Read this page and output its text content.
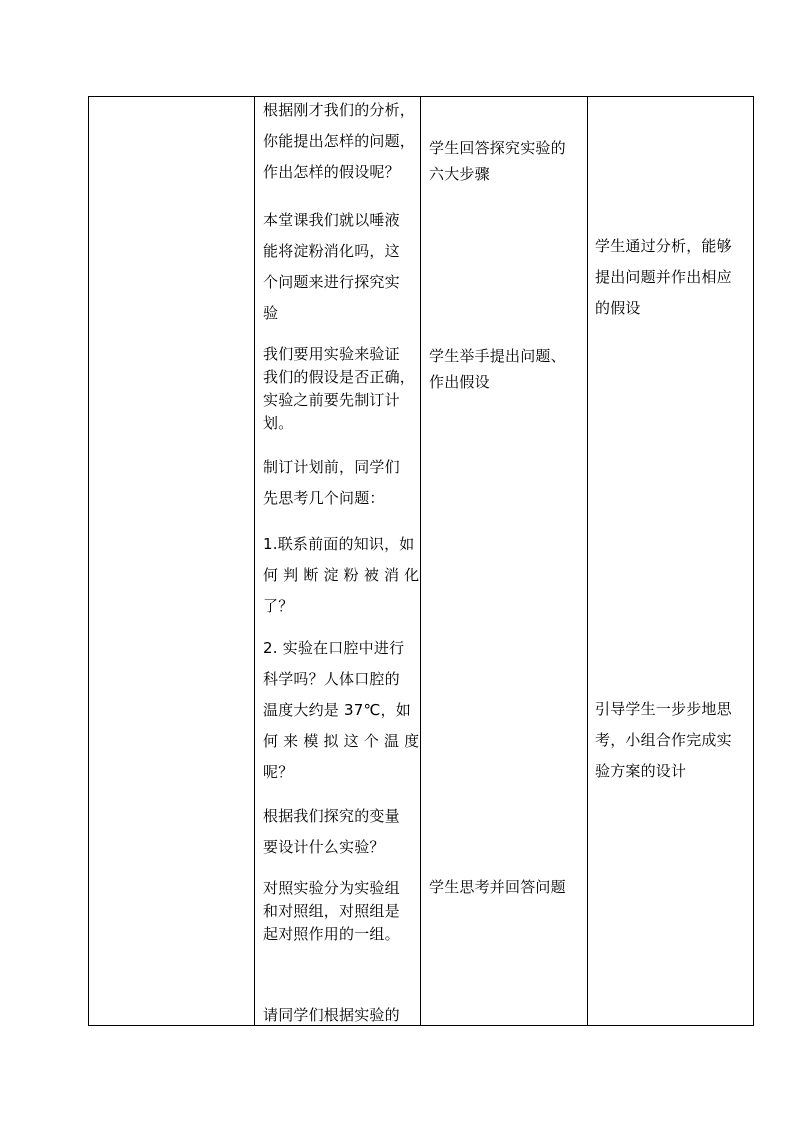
根据刚才我们的分析，
你能提出怎样的问题，
作出怎样的假设呢？
本堂课我们就以唾液
能将淀粉消化吗，这
个问题来进行探究实
验
我们要用实验来验证
我们的假设是否正确，
实验之前要先制订计
划。
制订计划前，同学们
先思考几个问题：
1.联系前面的知识，如
何 判 断 淀 粉 被 消 化
了？
2. 实验在口腔中进行
科学吗？人体口腔的
温度大约是 37℃，如
何 来 模 拟 这 个 温 度
呢？
根据我们探究的变量
要设计什么实验？
对照实验分为实验组
和对照组，对照组是
起对照作用的一组。
请同学们根据实验的
学生回答探究实验的
六大步骤
学生举手提出问题、
作出假设
学生思考并回答问题
学生通过分析，能够
提出问题并作出相应
的假设
引导学生一步步地思
考，小组合作完成实
验方案的设计
